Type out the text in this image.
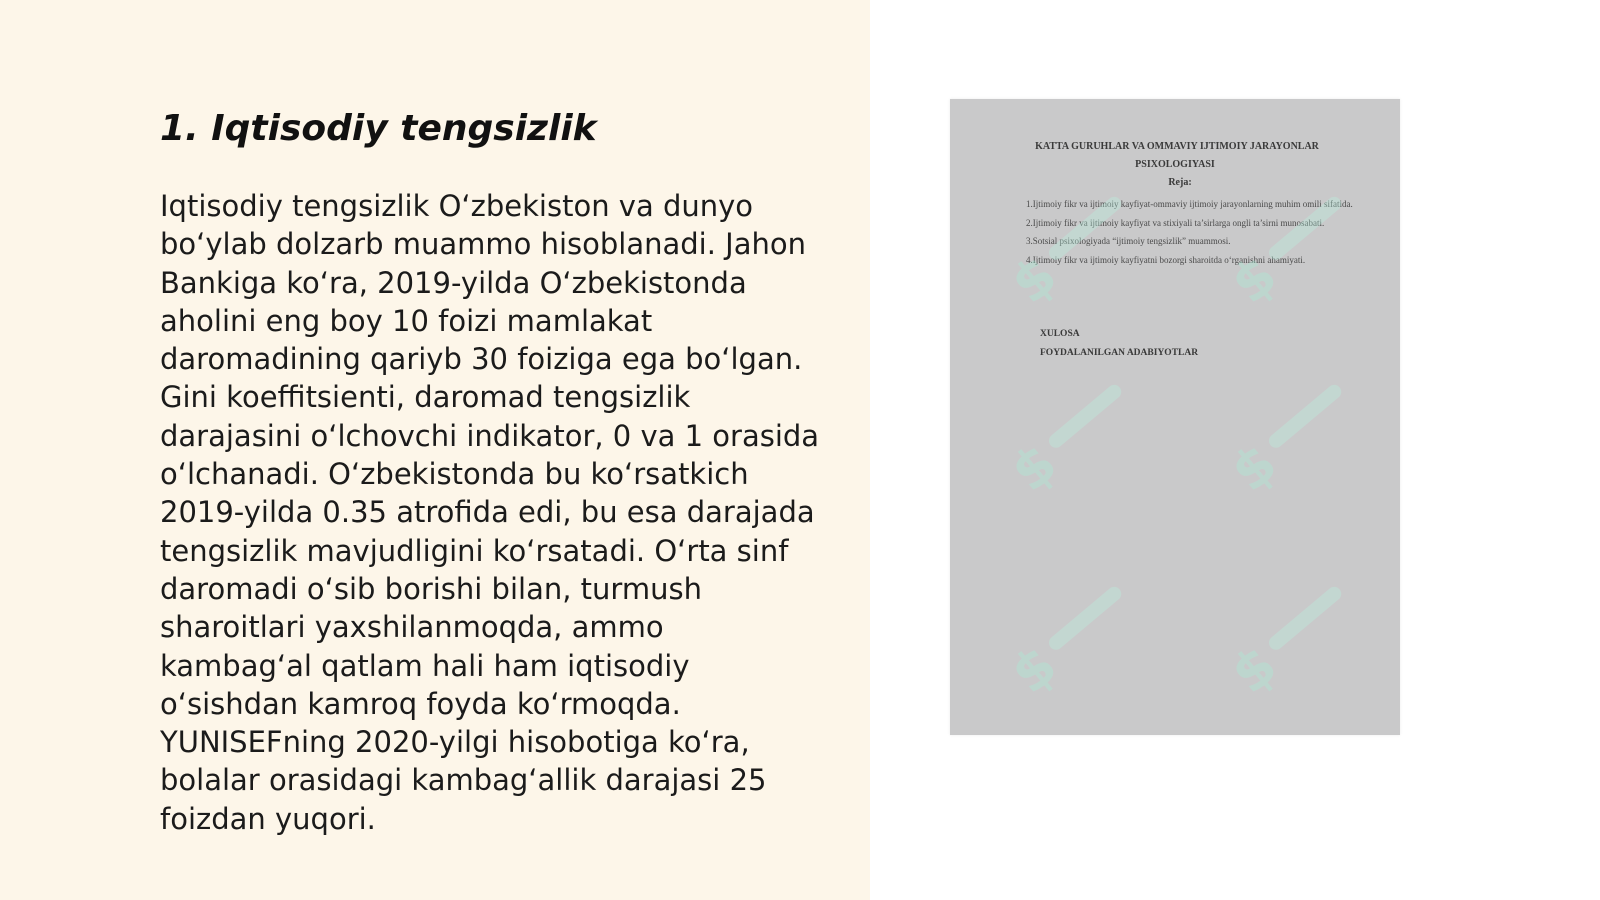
1. Iqtisodiy tengsizlik
Iqtisodiy tengsizlik O‘zbekiston va dunyo
bo‘ylab dolzarb muammo hisoblanadi. Jahon
Bankiga ko‘ra, 2019-yilda O‘zbekistonda
aholini eng boy 10 foizi mamlakat
daromadining qariyb 30 foiziga ega bo‘lgan.
Gini koeffitsienti, daromad tengsizlik
darajasini o‘lchovchi indikator, 0 va 1 orasida
o‘lchanadi. O‘zbekistonda bu ko‘rsatkich
2019-yilda 0.35 atrofida edi, bu esa darajada
tengsizlik mavjudligini ko‘rsatadi. O‘rta sinf
daromadi o‘sib borishi bilan, turmush
sharoitlari yaxshilanmoqda, ammo
kambag‘al qatlam hali ham iqtisodiy
o‘sishdan kamroq foyda ko‘rmoqda.
YUNISEFning 2020-yilgi hisobotiga ko‘ra,
bolalar orasidagi kambag‘allik darajasi 25
foizdan yuqori.
KATTA GURUHLAR VA OMMAVIY IJTIMOIY JARAYONLAR
PSIXOLOGIYASI
Reja:
1.Ijtimoiy fikr va ijtimoiy kayfiyat-ommaviy ijtimoiy jarayonlarning muhim omili sifatida.
2.Ijtimoiy fikr va ijtimoiy kayfiyat va stixiyali ta’sirlarga ongli ta’sirni munosabati.
3.Sotsial psixologiyada “ijtimoiy tengsizlik” muammosi.
4.Ijtimoiy fikr va ijtimoiy kayfiyatni bozorgi sharoitda o‘rganishni ahamiyati.
XULOSA
FOYDALANILGAN ADABIYOTLAR
$	$
$	$
$	$
